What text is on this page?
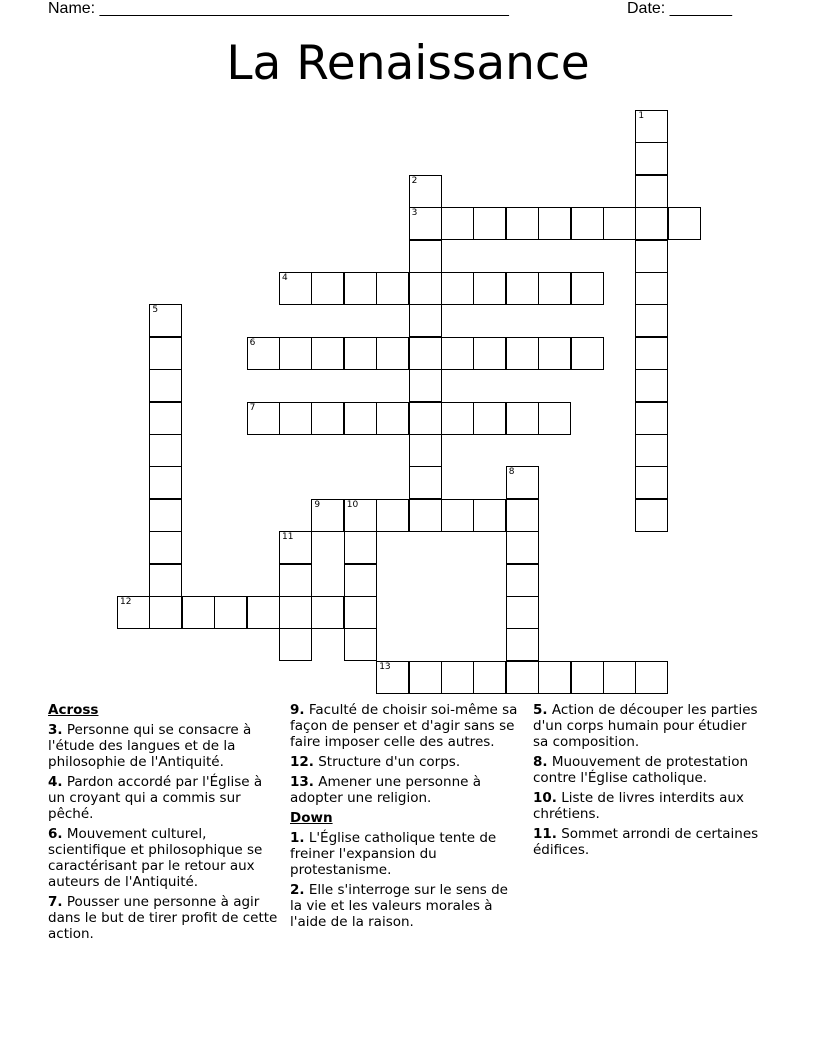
Name: ______________________________________________	Date: _______
La Renaissance
1
2
3
4
5
6
7
8
9	10
11
12
13
Across
3. Personne qui se consacre à l'étude des langues et de la philosophie de l'Antiquité.
4. Pardon accordé par l'Église à un croyant qui a commis sur pêché.
6. Mouvement culturel, scientifique et philosophique se caractérisant par le retour aux auteurs de l'Antiquité.
7. Pousser une personne à agir dans le but de tirer profit de cette action.
9. Faculté de choisir soi-même sa façon de penser et d'agir sans se faire imposer celle des autres.
12. Structure d'un corps.
13. Amener une personne à adopter une religion.
Down
1. L'Église catholique tente de freiner l'expansion du protestanisme.
2. Elle s'interroge sur le sens de la vie et les valeurs morales à l'aide de la raison.
5. Action de découper les parties d'un corps humain pour étudier sa composition.
8. Muouvement de protestation contre l'Église catholique.
10. Liste de livres interdits aux chrétiens.
11. Sommet arrondi de certaines édifices.
